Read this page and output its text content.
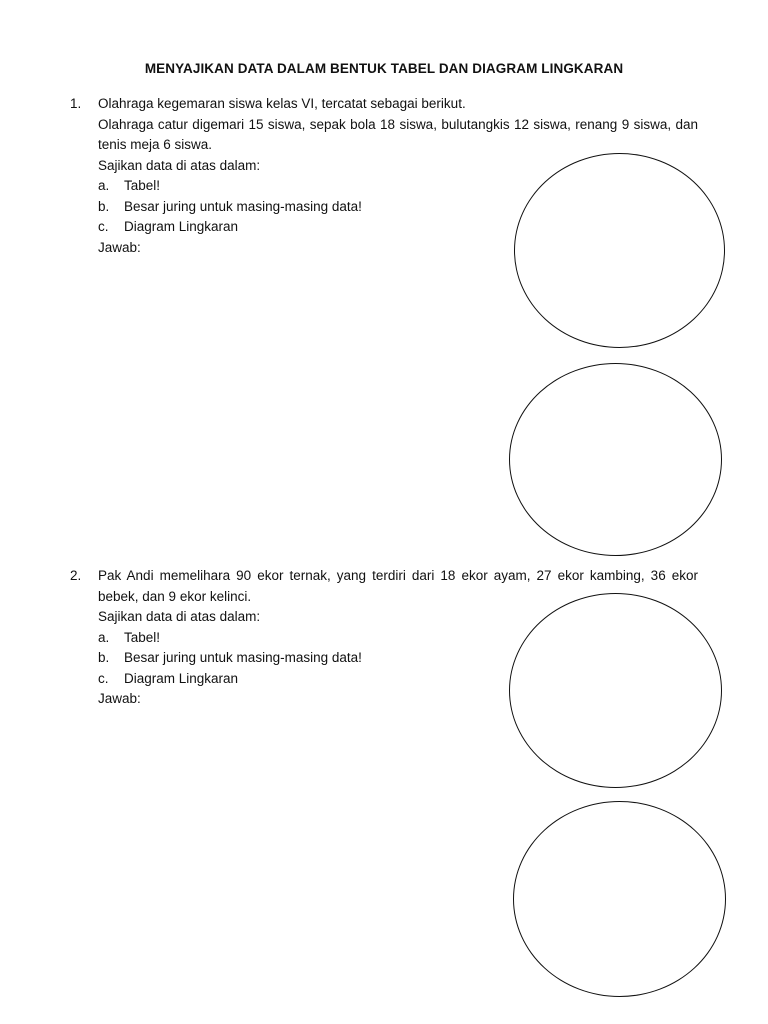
MENYAJIKAN DATA DALAM BENTUK TABEL DAN DIAGRAM LINGKARAN
1.	Olahraga kegemaran siswa kelas VI, tercatat sebagai berikut.

Olahraga catur digemari 15 siswa, sepak bola 18 siswa, bulutangkis 12 siswa, renang 9 siswa, dan tenis meja 6 siswa.

Sajikan data di atas dalam:

a.	Tabel!
b.	Besar juring untuk masing-masing data!
c.	Diagram Lingkaran

Jawab:

2.	Pak Andi memelihara 90 ekor ternak, yang terdiri dari 18 ekor ayam, 27 ekor kambing, 36 ekor bebek, dan 9 ekor kelinci.

Sajikan data di atas dalam:

a.	Tabel!
b.	Besar juring untuk masing-masing data!
c.	Diagram Lingkaran

Jawab:
